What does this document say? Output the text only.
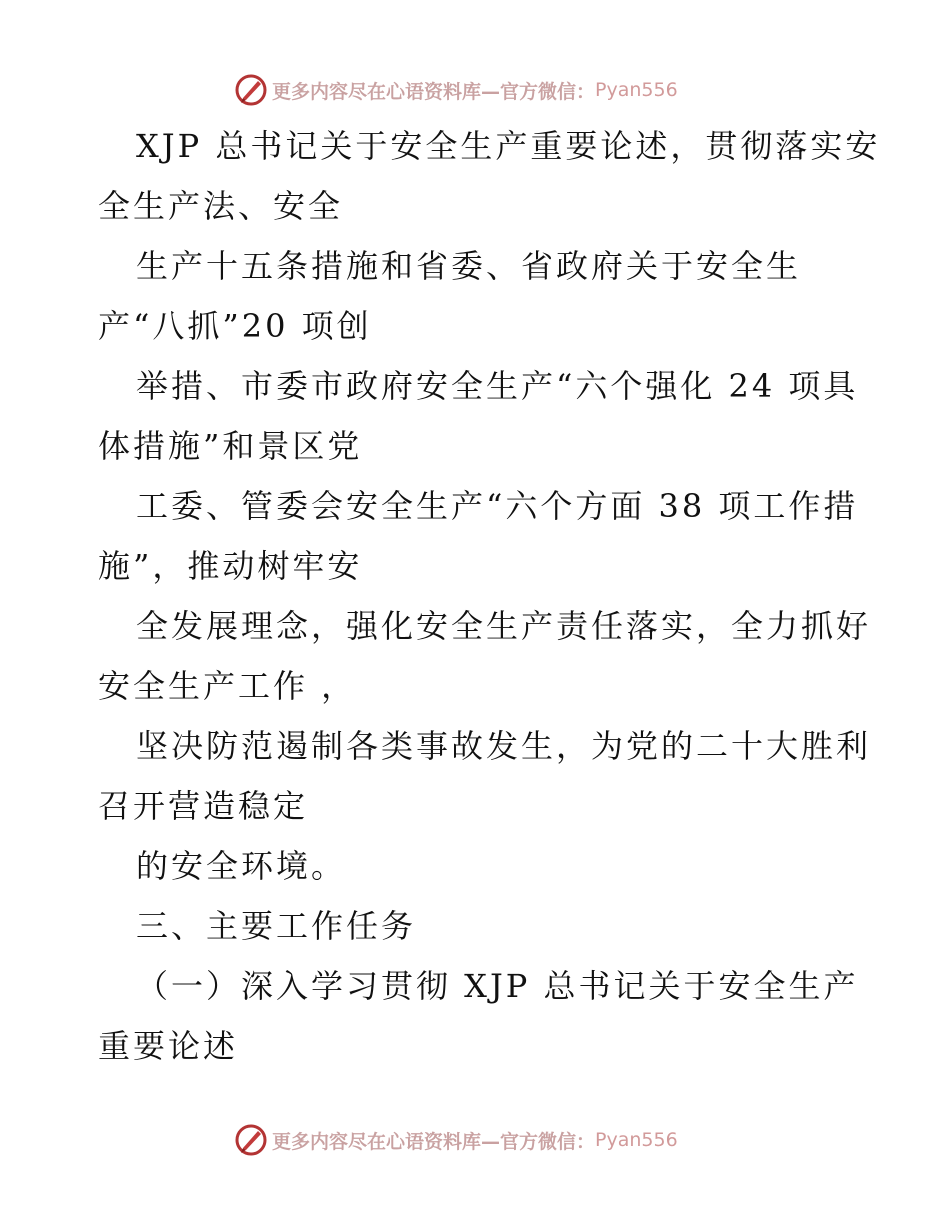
更多内容尽在心语资料库—官方微信： Pyan556
XJP 总书记关于安全生产重要论述，贯彻落实安
全生产法、安全
生产十五条措施和省委、省政府关于安全生
产“八抓”20 项创
举措、市委市政府安全生产“六个强化 24 项具
体措施”和景区党
工委、管委会安全生产“六个方面 38 项工作措
施”，推动树牢安
全发展理念，强化安全生产责任落实，全力抓好
安全生产工作 ，
坚决防范遏制各类事故发生，为党的二十大胜利
召开营造稳定
的安全环境。
三、主要工作任务
（一）深入学习贯彻 XJP 总书记关于安全生产
重要论述
更多内容尽在心语资料库—官方微信： Pyan556
